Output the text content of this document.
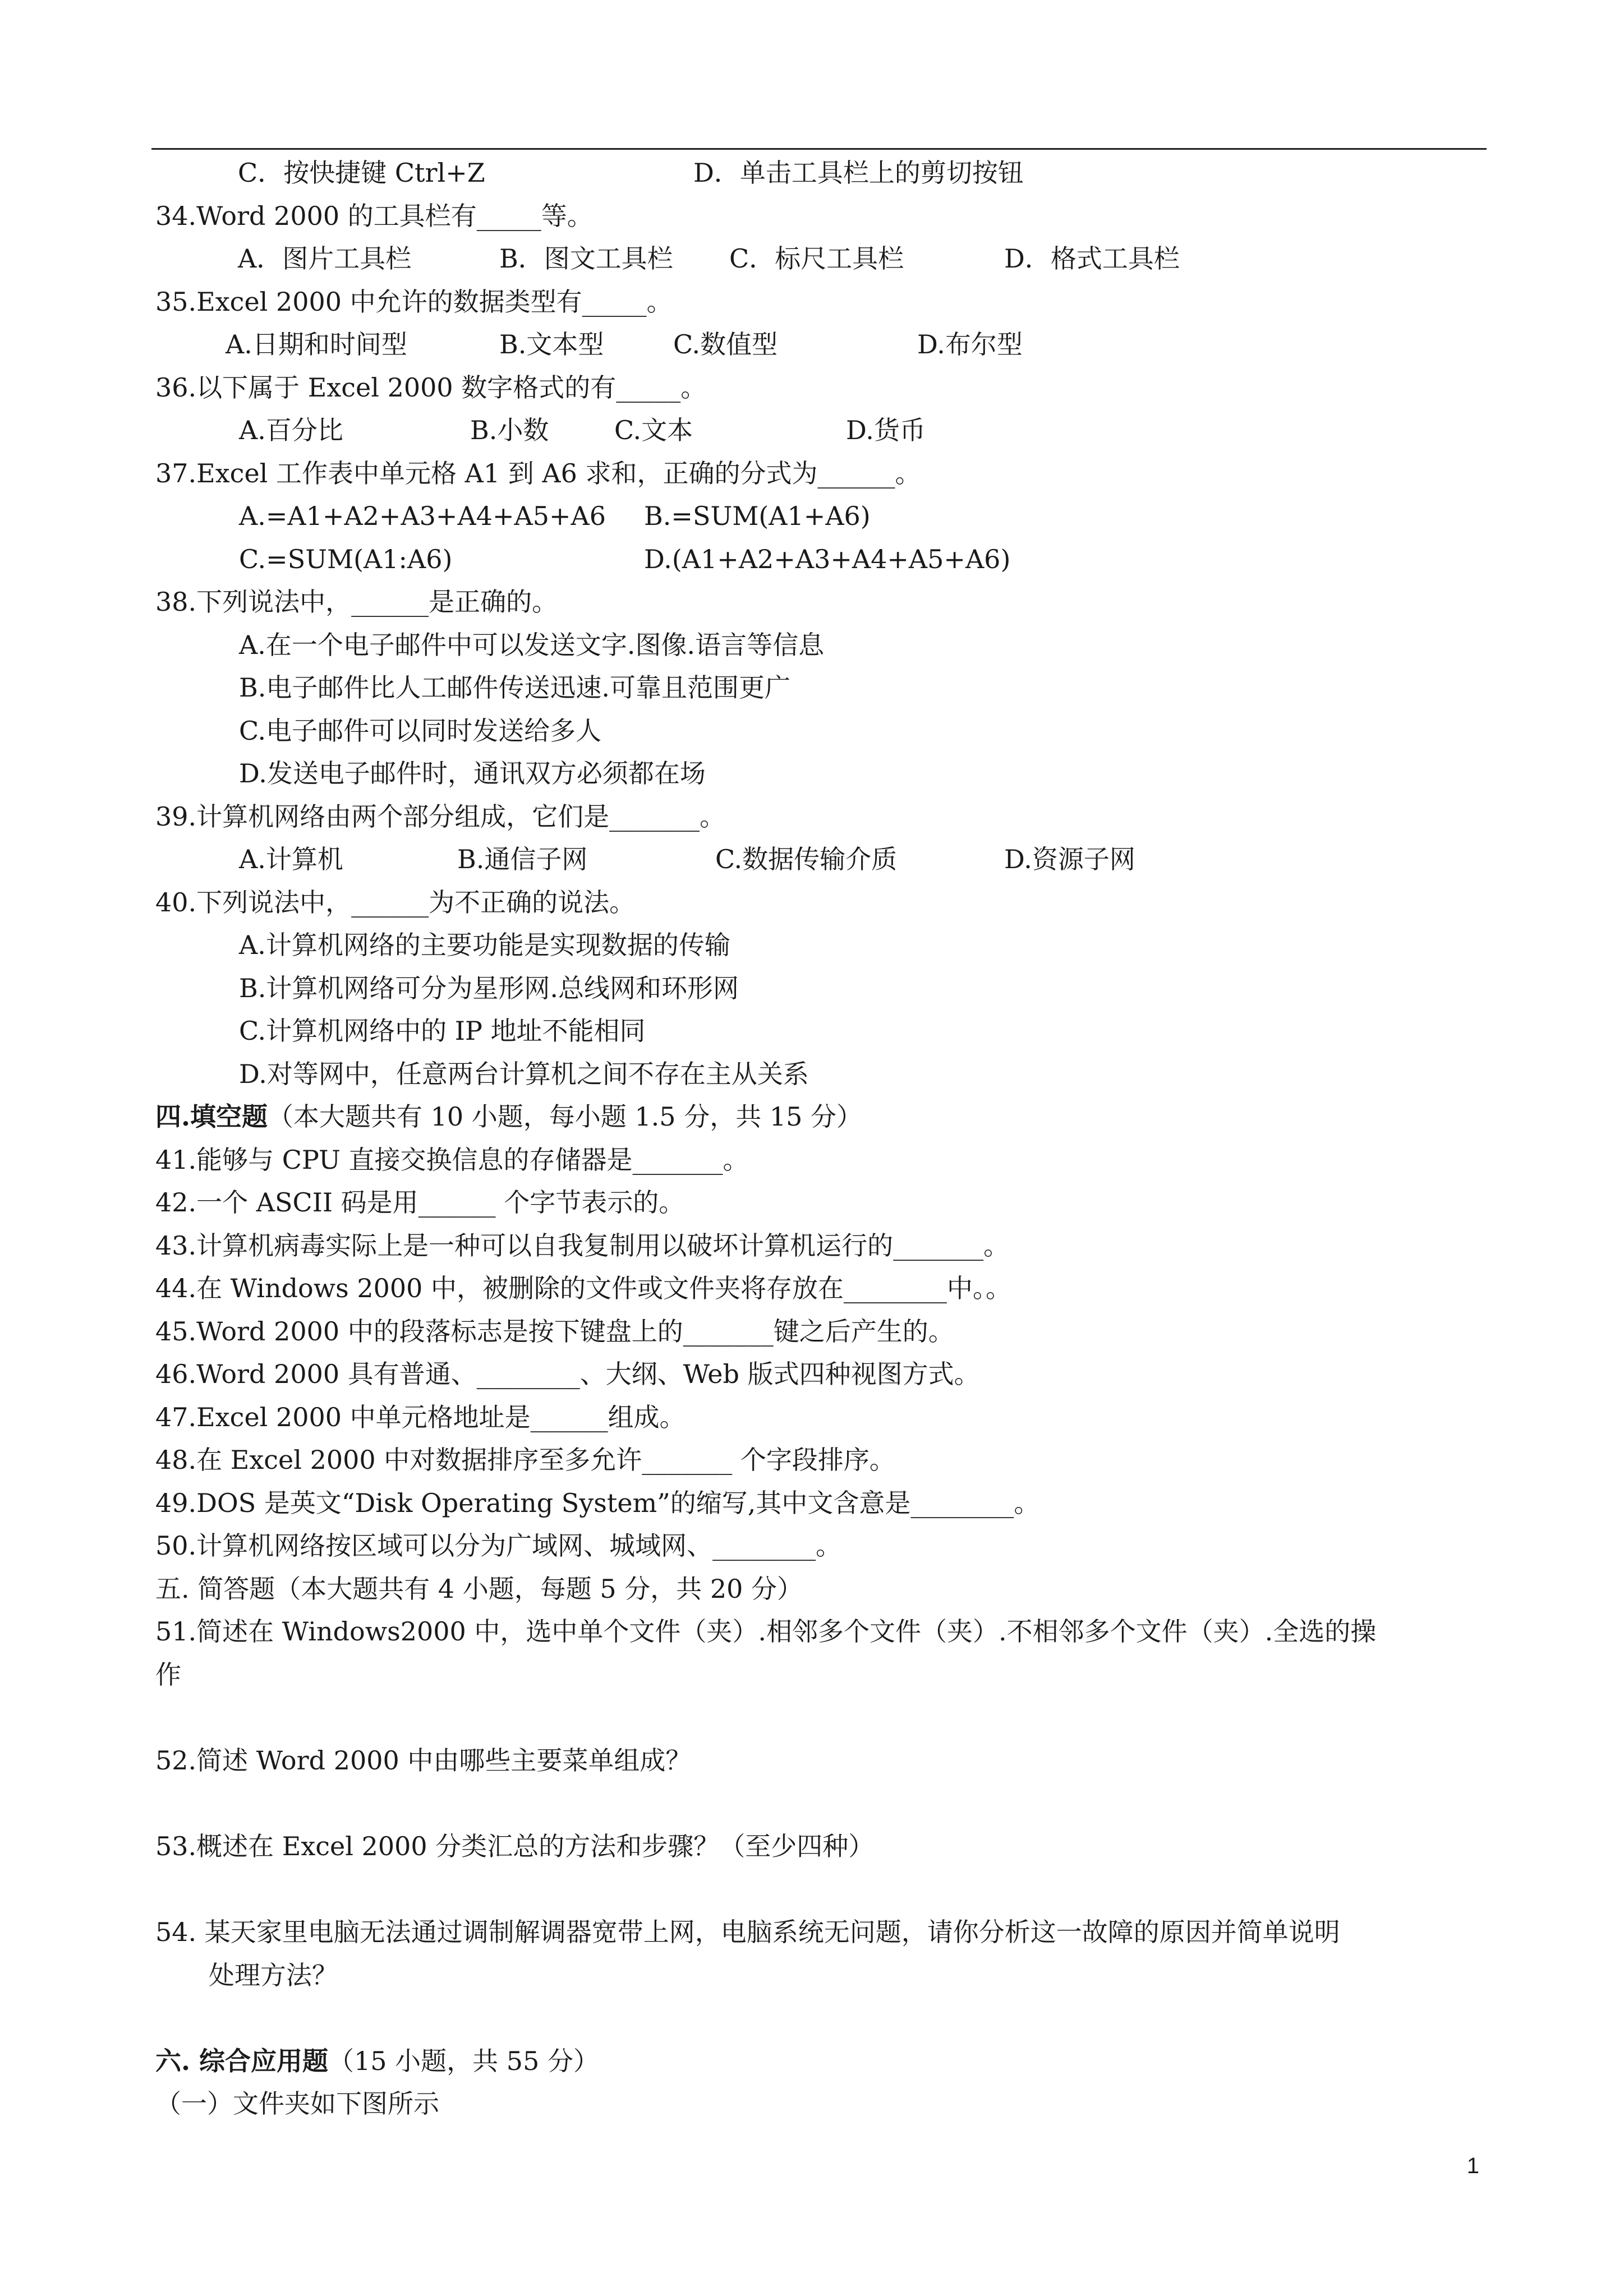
C．按快捷键 Ctrl+Z	D．单击工具栏上的剪切按钮
34.Word 2000 的工具栏有_____等。
A．图片工具栏	B．图文工具栏 C．标尺工具栏	D．格式工具栏
35.Excel 2000 中允许的数据类型有_____。
A.日期和时间型	B.文本型	C.数值型	D.布尔型
36.以下属于 Excel 2000 数字格式的有_____。
A.百分比	B.小数	C.文本	D.货币
37.Excel 工作表中单元格 A1 到 A6 求和，正确的分式为______。
A.=A1+A2+A3+A4+A5+A6 B.=SUM(A1+A6)
C.=SUM(A1:A6)	D.(A1+A2+A3+A4+A5+A6)
38.下列说法中，______是正确的。
A.在一个电子邮件中可以发送文字.图像.语言等信息
B.电子邮件比人工邮件传送迅速.可靠且范围更广
C.电子邮件可以同时发送给多人
D.发送电子邮件时，通讯双方必须都在场
39.计算机网络由两个部分组成，它们是_______。
A.计算机	B.通信子网	C.数据传输介质	D.资源子网
40.下列说法中，______为不正确的说法。
A.计算机网络的主要功能是实现数据的传输
B.计算机网络可分为星形网.总线网和环形网
C.计算机网络中的 IP 地址不能相同
D.对等网中，任意两台计算机之间不存在主从关系
四.填空题（本大题共有 10 小题，每小题 1.5 分，共 15 分）
41.能够与 CPU 直接交换信息的存储器是_______。
42.一个 ASCII 码是用______ 个字节表示的。
43.计算机病毒实际上是一种可以自我复制用以破坏计算机运行的_______。
44.在 Windows 2000 中，被删除的文件或文件夹将存放在________中。。
45.Word 2000 中的段落标志是按下键盘上的_______键之后产生的。
46.Word 2000 具有普通、________、大纲、Web 版式四种视图方式。
47.Excel 2000 中单元格地址是______组成。
48.在 Excel 2000 中对数据排序至多允许_______ 个字段排序。
49.DOS 是英文“Disk Operating System”的缩写,其中文含意是________。
50.计算机网络按区域可以分为广域网、城域网、________。
五. 简答题（本大题共有 4 小题，每题 5 分，共 20 分）
51.简述在 Windows2000 中，选中单个文件（夹）.相邻多个文件（夹）.不相邻多个文件（夹）.全选的操
作
52.简述 Word 2000 中由哪些主要菜单组成？
53.概述在 Excel 2000 分类汇总的方法和步骤？（至少四种）
54. 某天家里电脑无法通过调制解调器宽带上网，电脑系统无问题，请你分析这一故障的原因并简单说明
处理方法？
六. 综合应用题（15 小题，共 55 分）
（一）文件夹如下图所示
1
